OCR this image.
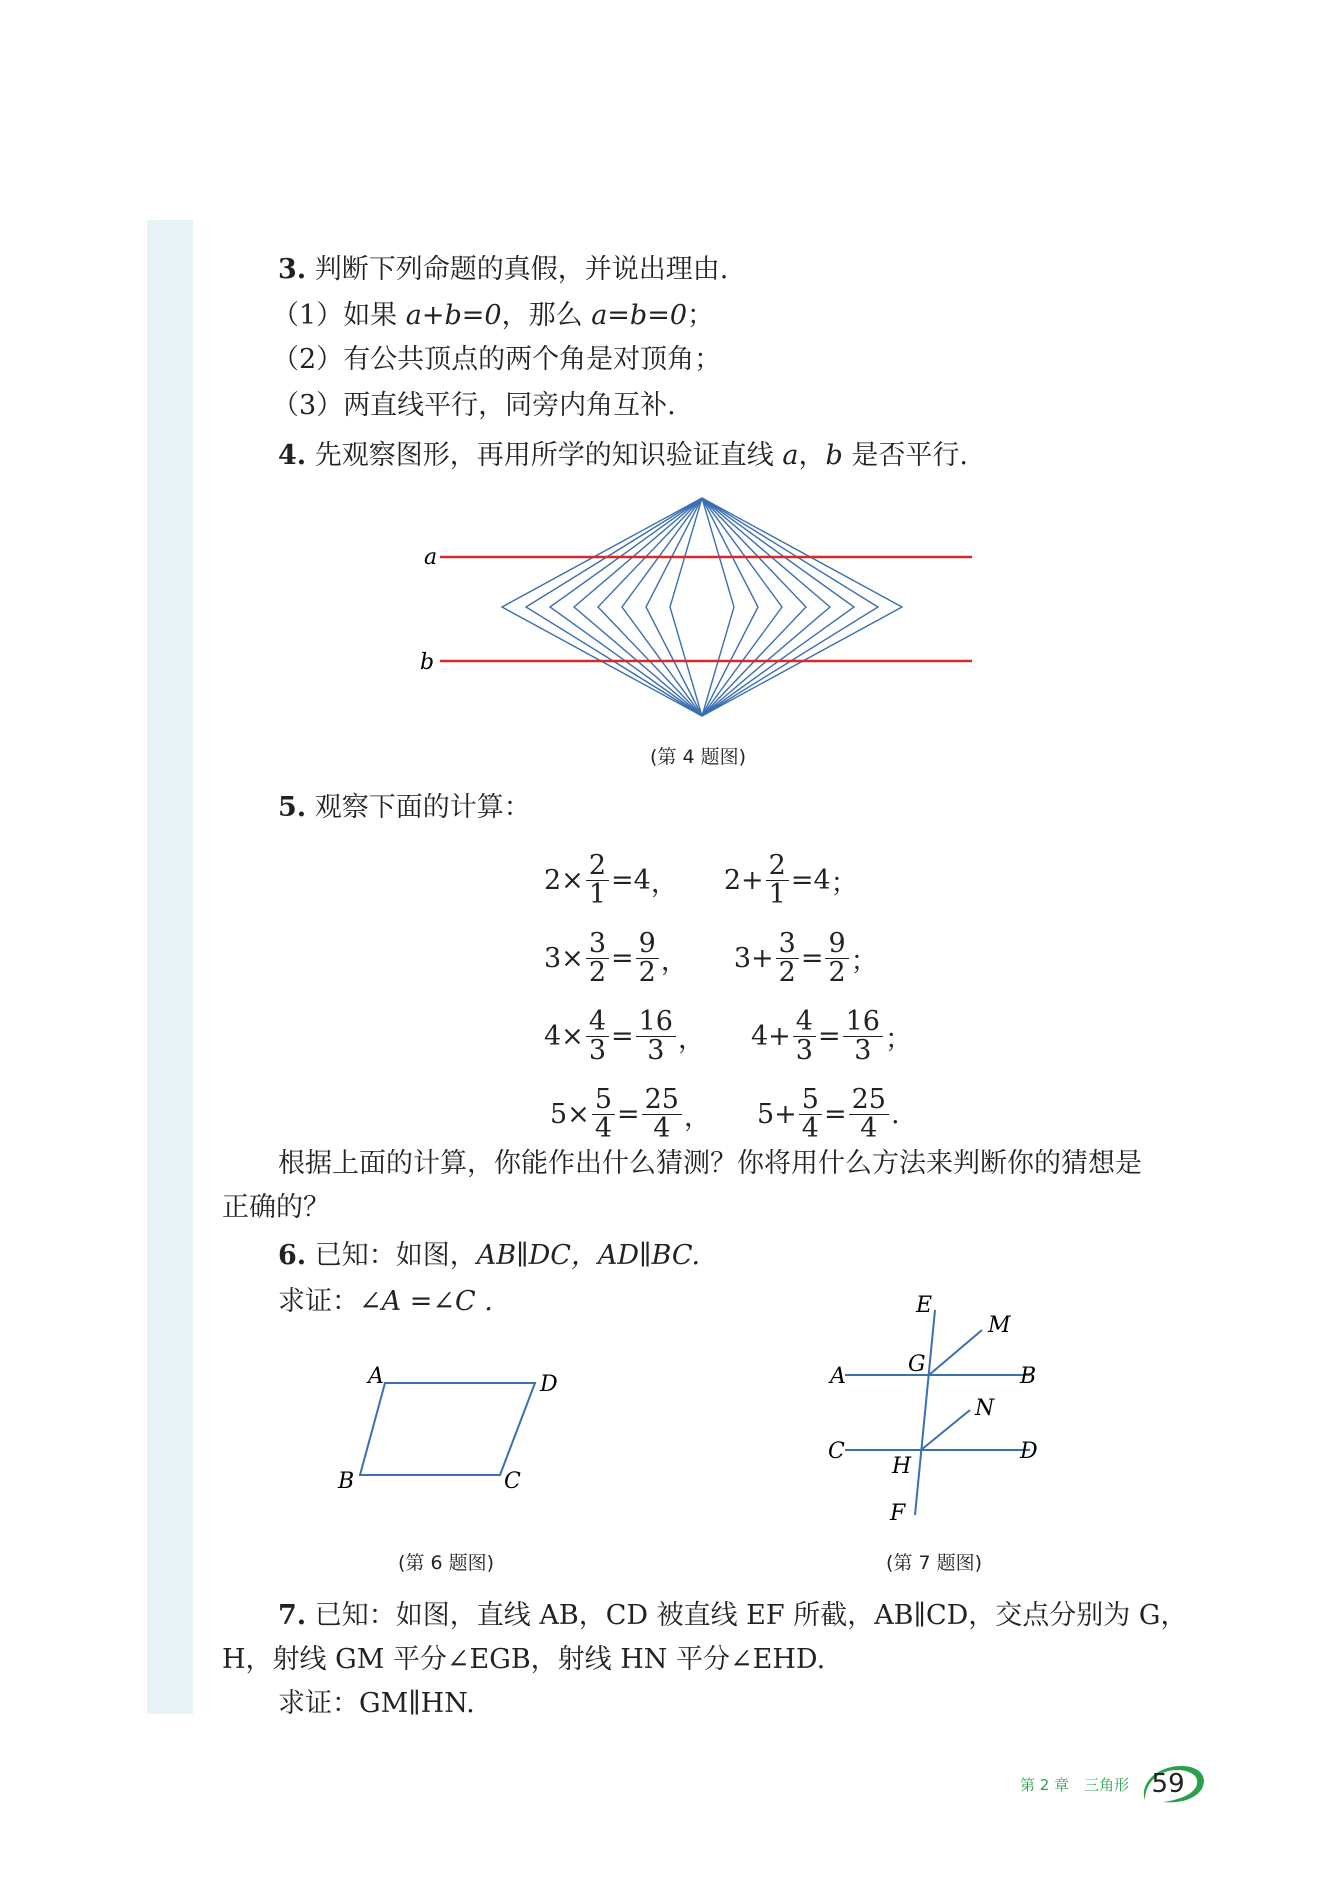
3. 判断下列命题的真假，并说出理由.
（1）如果 a+b=0，那么 a=b=0；
（2）有公共顶点的两个角是对顶角；
（3）两直线平行，同旁内角互补.
4. 先观察图形，再用所学的知识验证直线 a，b 是否平行.
a
b
(第 4 题图)
5. 观察下面的计算：
$2\times \frac{2}{1} = 4$ ， $2+ \frac{2}{1} = 4$ ；
$3\times \frac{3}{2} = \frac{9}{2}$ ， $3+ \frac{3}{2} = \frac{9}{2}$ ；
$4\times \frac{4}{3} = \frac{16}{3}$ ， $4+ \frac{4}{3} = \frac{16}{3}$ ；
$5\times \frac{5}{4} = \frac{25}{4}$ ， $5+ \frac{5}{4} = \frac{25}{4}$ .
根据上面的计算，你能作出什么猜测？你将用什么方法来判断你的猜想是
正确的？
6. 已知：如图，AB∥DC，AD∥BC.
求证：∠A =∠C .
A	D
B	C
(第 6 题图)
A	B
C	D
E
M
G
N
H
F
(第 7 题图)
7. 已知：如图，直线 AB，CD 被直线 EF 所截，AB∥CD，交点分别为 G，
H，射线 GM 平分∠EGB，射线 HN 平分∠EHD.
求证：GM∥HN.
第 2 章　三角形 59
